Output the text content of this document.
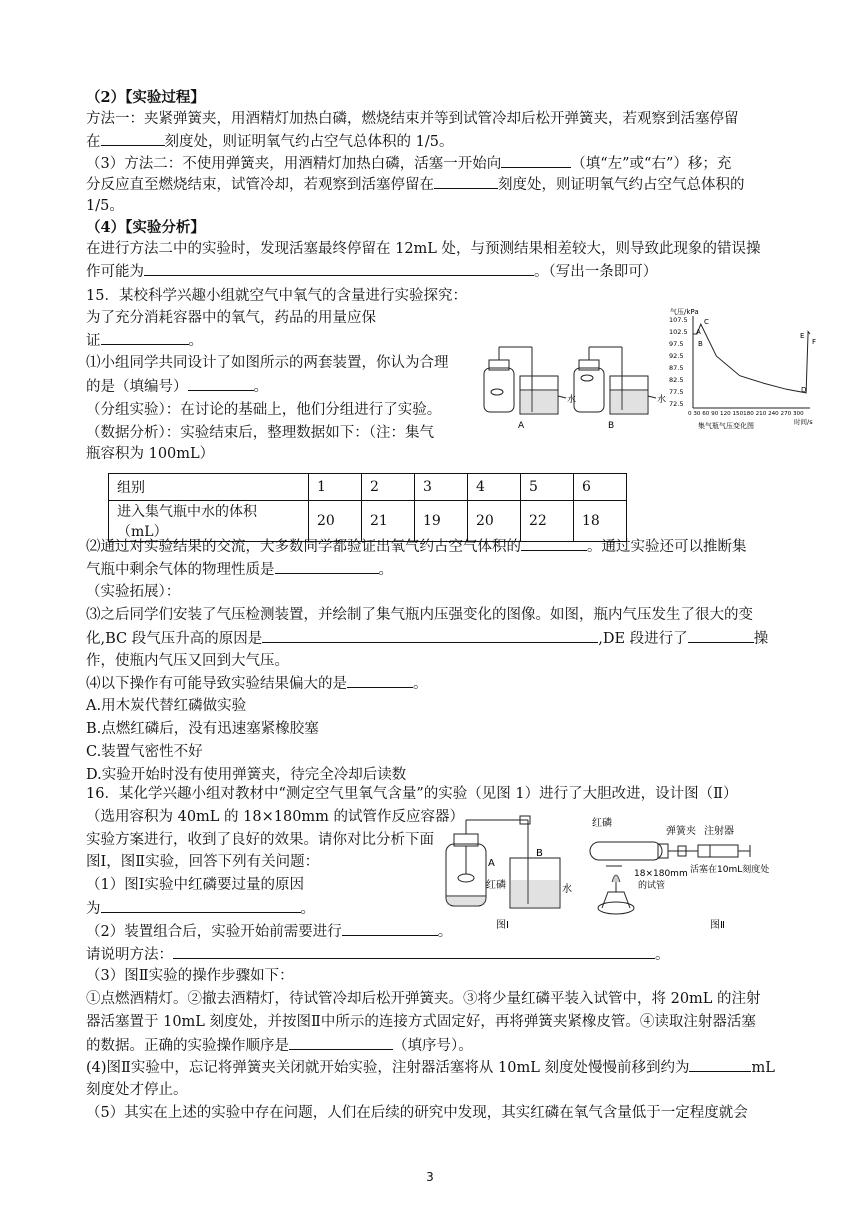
（2）【实验过程】
方法一：夹紧弹簧夹，用酒精灯加热白磷，燃烧结束并等到试管冷却后松开弹簧夹，若观察到活塞停留
在	刻度处，则证明氧气约占空气总体积的 1/5。
（3）方法二：不使用弹簧夹，用酒精灯加热白磷，活塞一开始向	（填“左”或“右”）移；充
分反应直至燃烧结束，试管冷却，若观察到活塞停留在	刻度处，则证明氧气约占空气总体积的
1/5。
（4）【实验分析】
在进行方法二中的实验时，发现活塞最终停留在 12mL 处，与预测结果相差较大，则导致此现象的错误操
作可能为	。（写出一条即可）
15．某校科学兴趣小组就空气中氧气的含量进行实验探究：
为了充分消耗容器中的氧气，药品的用量应保
证	。
⑴小组同学共同设计了如图所示的两套装置，你认为合理
的是（填编号）	。
（分组实验）：在讨论的基础上，他们分组进行了实验。
（数据分析）：实验结束后，整理数据如下：（注：集气
瓶容积为 100mL）
组别	1	2	3	4	5	6
进入集气瓶中水的体积（mL）	20	21	19	20	22	18
⑵通过对实验结果的交流，大多数同学都验证出氧气约占空气体积的	。通过实验还可以推断集
气瓶中剩余气体的物理性质是	。
（实验拓展）：
⑶之后同学们安装了气压检测装置，并绘制了集气瓶内压强变化的图像。如图，瓶内气压发生了很大的变
化,BC 段气压升高的原因是	,DE 段进行了	操
作，使瓶内气压又回到大气压。
⑷以下操作有可能导致实验结果偏大的是	。
A.用木炭代替红磷做实验
B.点燃红磷后，没有迅速塞紧橡胶塞
C.装置气密性不好
D.实验开始时没有使用弹簧夹，待完全冷却后读数
16．某化学兴趣小组对教材中“测定空气里氧气含量”的实验（见图 1）进行了大胆改进，设计图（Ⅱ）
（选用容积为 40mL 的 18×180mm 的试管作反应容器）
实验方案进行，收到了良好的效果。请你对比分析下面
图Ⅰ，图Ⅱ实验，回答下列有关问题：
（1）图Ⅰ实验中红磷要过量的原因
为	。
（2）装置组合后，实验开始前需要进行	。
请说明方法：	。
（3）图Ⅱ实验的操作步骤如下：
①点燃酒精灯。②撤去酒精灯，待试管冷却后松开弹簧夹。③将少量红磷平装入试管中，将 20mL 的注射
器活塞置于 10mL 刻度处，并按图Ⅱ中所示的连接方式固定好，再将弹簧夹紧橡皮管。④读取注射器活塞
的数据。正确的实验操作顺序是	（填序号）。
(4)图Ⅱ实验中，忘记将弹簧夹关闭就开始实验，注射器活塞将从 10mL 刻度处慢慢前移到约为	mL
刻度处才停止。
（5）其实在上述的实验中存在问题，人们在后续的研究中发现，其实红磷在氧气含量低于一定程度就会
水	水
A	B
气压/kPa
107.5
102.5
97.5
92.5
87.5
82.5
77.5
72.5
0 30 60 90 120 150180 210 240 270 300
时间/s
集气瓶气压变化图
A
B
C
D
E
F
A
B
红磷	水
图Ⅰ
红磷
弹簧夹 注射器
18×180mm
的试管
活塞在10mL刻度处
图Ⅱ
3
